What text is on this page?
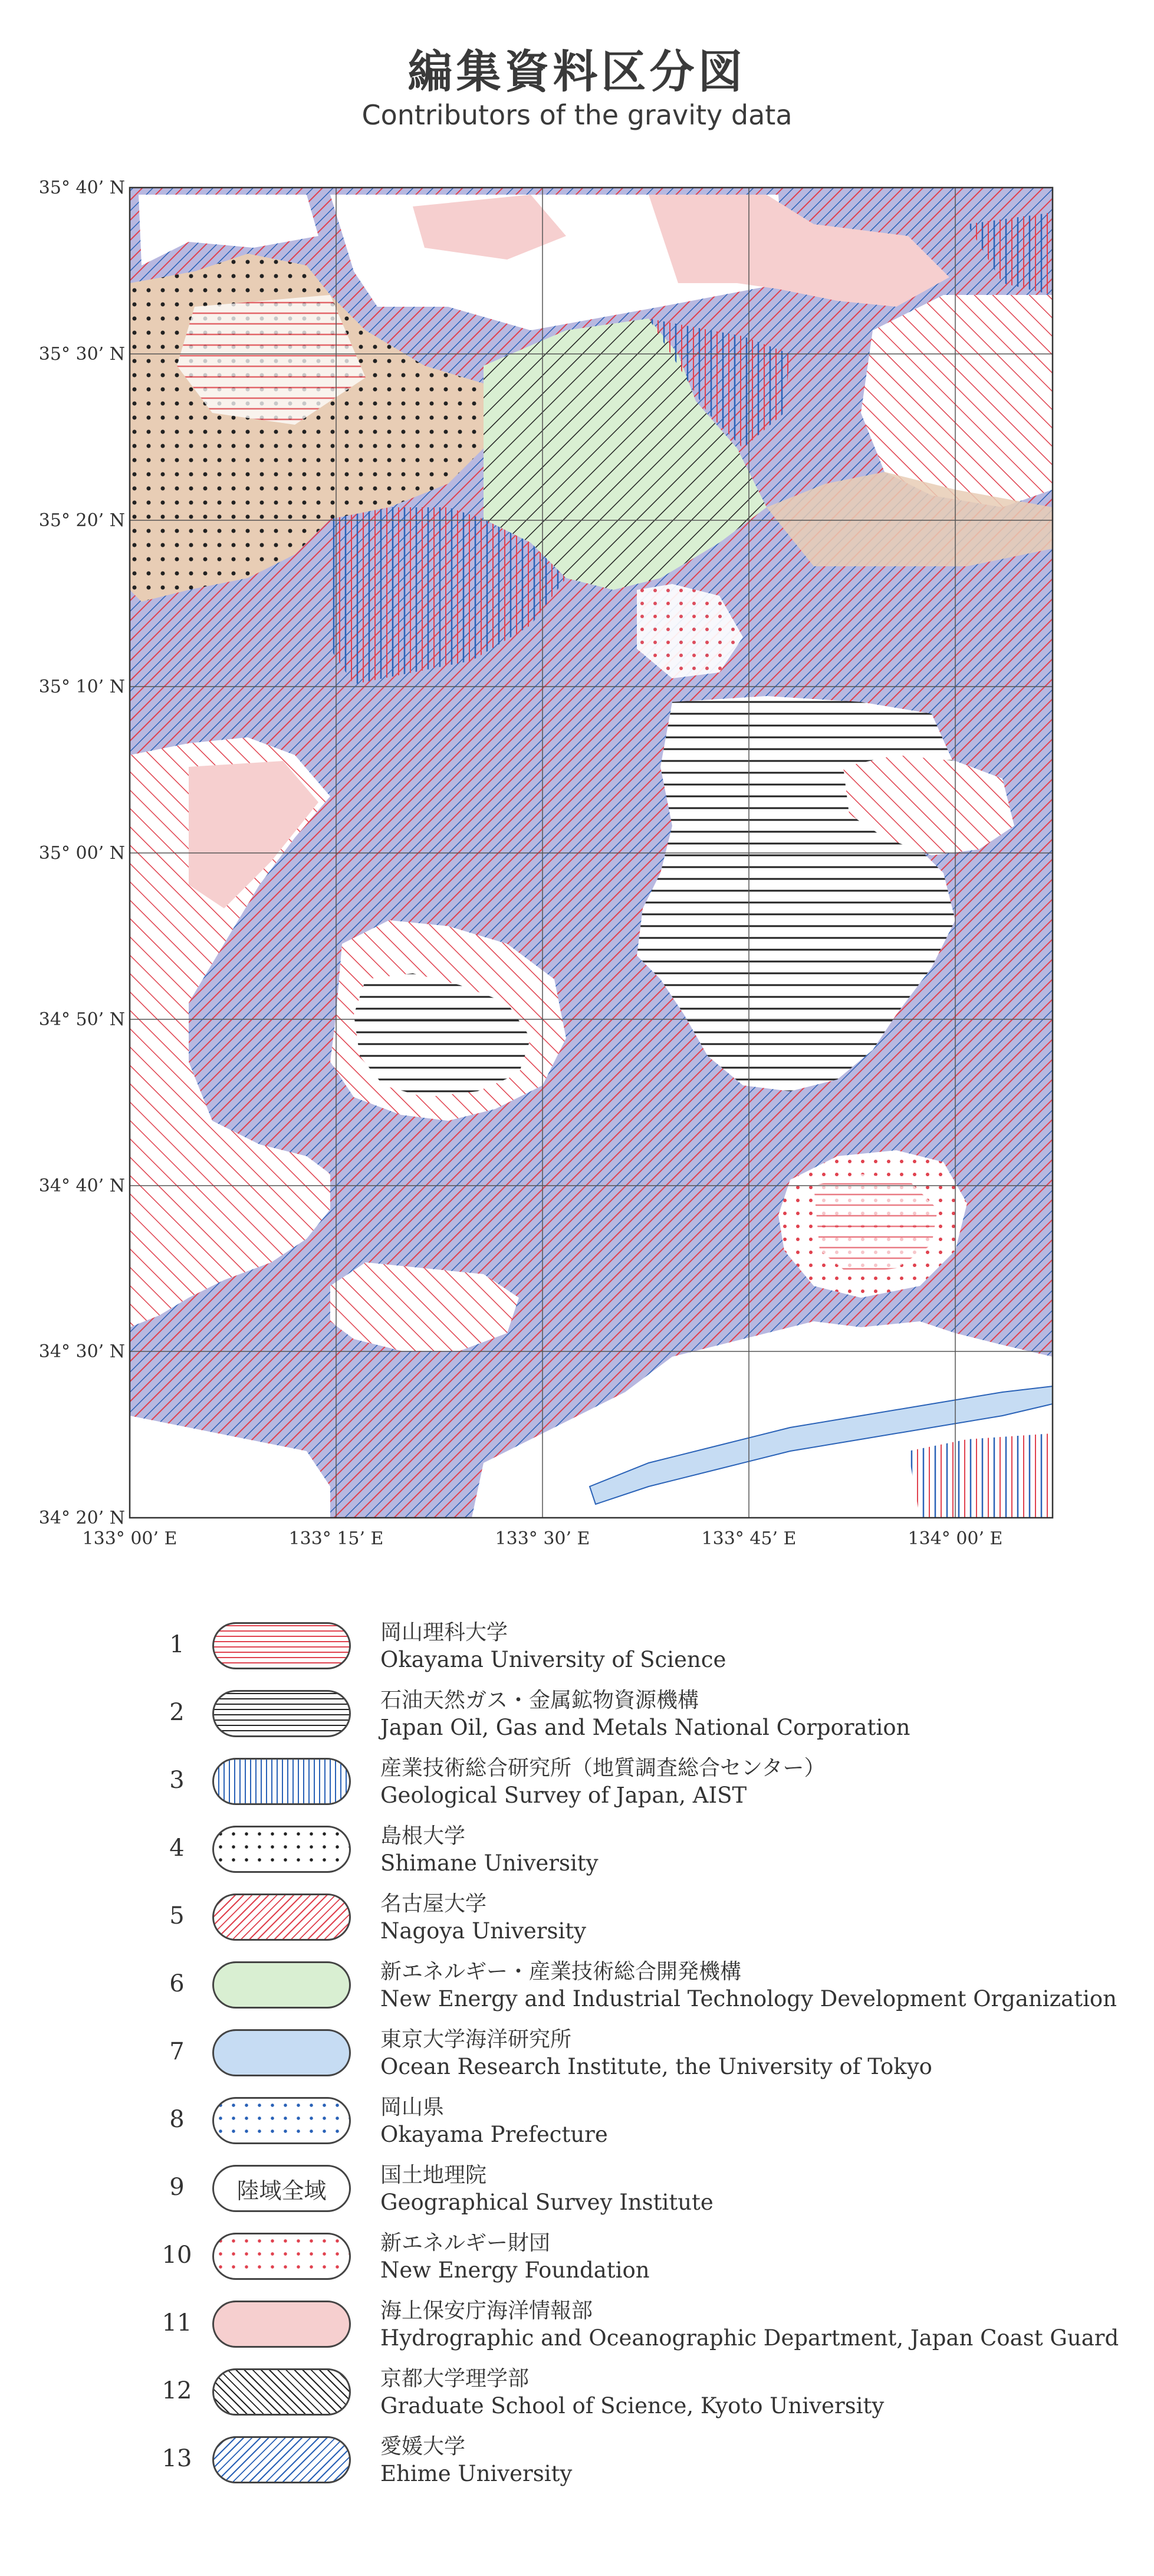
編集資料区分図
Contributors of the gravity data
35° 40’ N
35° 30’ N
35° 20’ N
35° 10’ N
35° 00’ N
34° 50’ N
34° 40’ N
34° 30’ N
34° 20’ N
133° 00’ E	133° 15’ E	133° 30’ E	133° 45’ E	134° 00’ E
1	岡山理科大学
Okayama University of Science
2	石油天然ガス・金属鉱物資源機構
Japan Oil, Gas and Metals National Corporation
3	産業技術総合研究所（地質調査総合センター）
Geological Survey of Japan, AIST
4	島根大学
Shimane University
5	名古屋大学
Nagoya University
6	新エネルギー・産業技術総合開発機構
New Energy and Industrial Technology Development Organization
7	東京大学海洋研究所
Ocean Research Institute, the University of Tokyo
8	岡山県
Okayama Prefecture
9	陸域全域
国土地理院
Geographical Survey Institute
10	新エネルギー財団
New Energy Foundation
11	海上保安庁海洋情報部
Hydrographic and Oceanographic Department, Japan Coast Guard
12	京都大学理学部
Graduate School of Science, Kyoto University
13	愛媛大学
Ehime University
